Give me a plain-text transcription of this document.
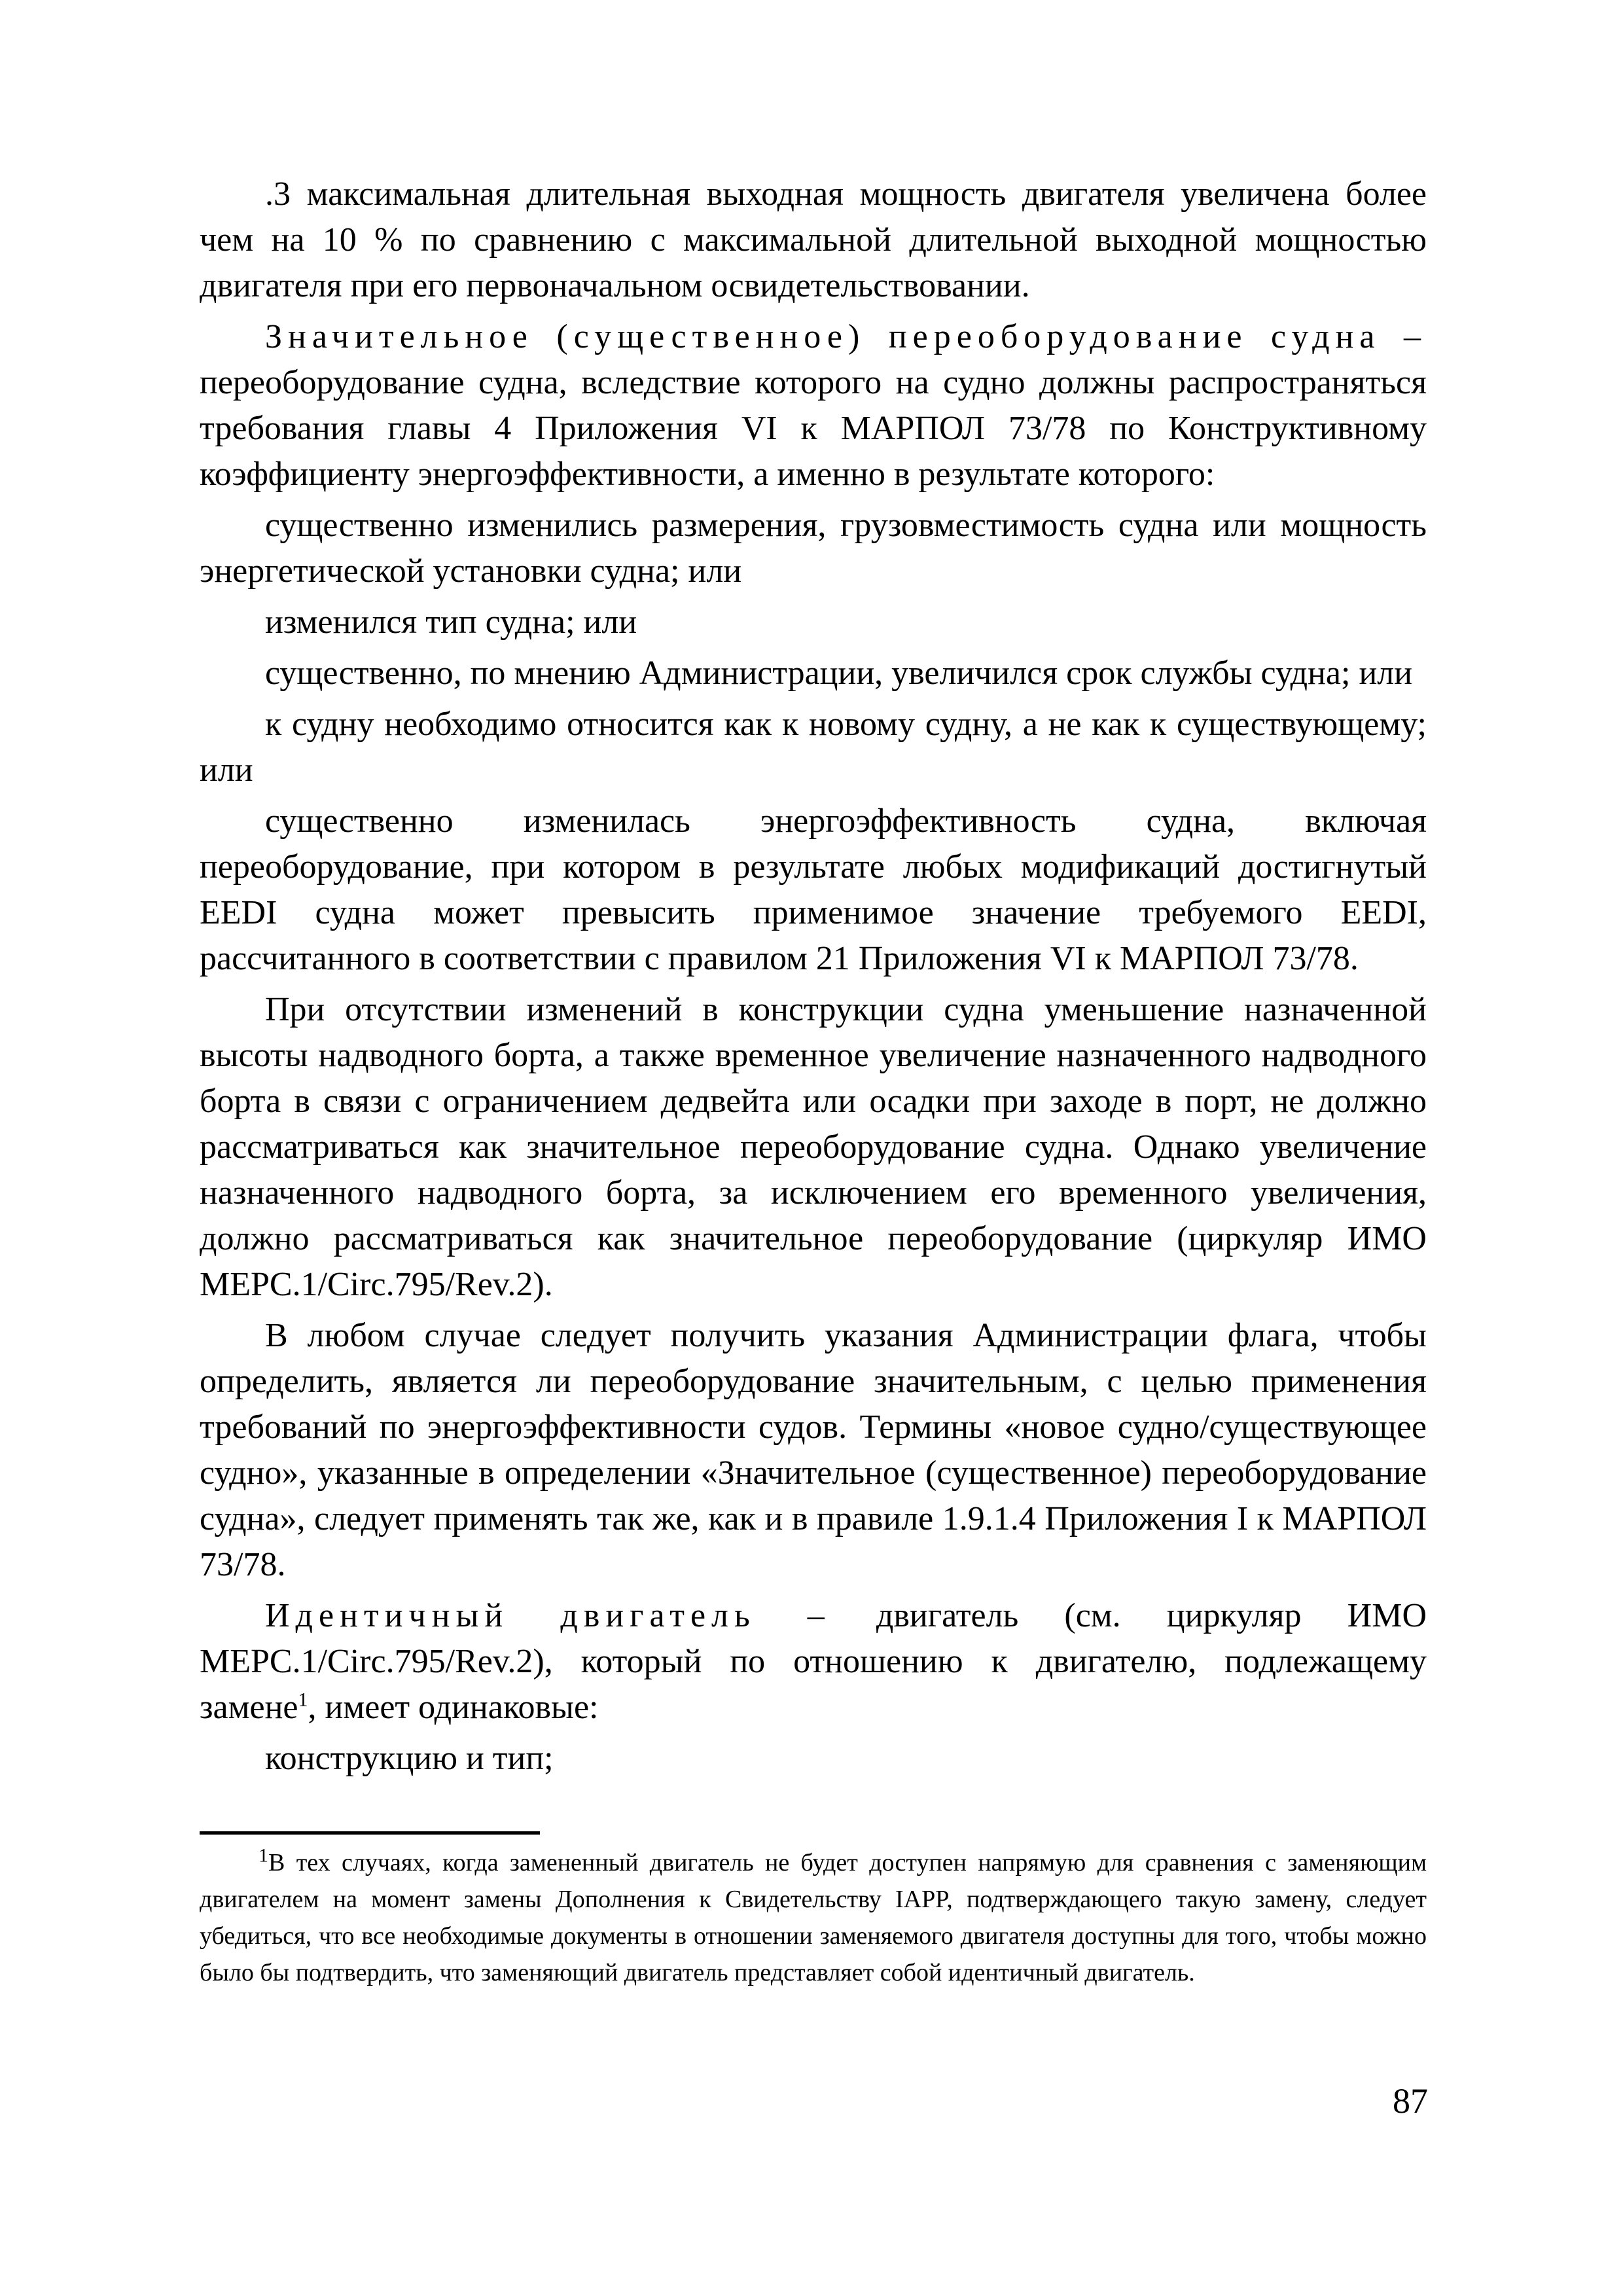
.3 максимальная длительная выходная мощность двигателя увеличена более чем на 10 % по сравнению с максимальной длительной выходной мощностью двигателя при его первоначальном освидетельствовании.

Значительное (существенное) переоборудование судна – переоборудование судна, вследствие которого на судно должны распространяться требования главы 4 Приложения VI к МАРПОЛ 73/78 по Конструктивному коэффициенту энергоэффективности, а именно в результате которого:

существенно изменились размерения, грузовместимость судна или мощность энергетической установки судна; или

изменился тип судна; или

существенно, по мнению Администрации, увеличился срок службы судна; или

к судну необходимо относится как к новому судну, а не как к существующему; или

существенно изменилась энергоэффективность судна, включая переоборудование, при котором в результате любых модификаций достигнутый EEDI судна может превысить применимое значение требуемого EEDI, рассчитанного в соответствии с правилом 21 Приложения VI к МАРПОЛ 73/78.

При отсутствии изменений в конструкции судна уменьшение назначенной высоты надводного борта, а также временное увеличение назначенного надводного борта в связи с ограничением дедвейта или осадки при заходе в порт, не должно рассматриваться как значительное переоборудование судна. Однако увеличение назначенного надводного борта, за исключением его временного увеличения, должно рассматриваться как значительное переоборудование (циркуляр ИМО MEPC.1/Circ.795/Rev.2).

В любом случае следует получить указания Администрации флага, чтобы определить, является ли переоборудование значительным, с целью применения требований по энергоэффективности судов. Термины «новое судно/существующее судно», указанные в определении «Значительное (существенное) переоборудование судна», следует применять так же, как и в правиле 1.9.1.4 Приложения I к МАРПОЛ 73/78.

Идентичный двигатель – двигатель (см. циркуляр ИМО MEPC.1/Circ.795/Rev.2), который по отношению к двигателю, подлежащему замене$^1$, имеет одинаковые:

конструкцию и тип;

$^1$В тех случаях, когда замененный двигатель не будет доступен напрямую для сравнения с заменяющим двигателем на момент замены Дополнения к Свидетельству IAPP, подтверждающего такую замену, следует убедиться, что все необходимые документы в отношении заменяемого двигателя доступны для того, чтобы можно было бы подтвердить, что заменяющий двигатель представляет собой идентичный двигатель.

87
